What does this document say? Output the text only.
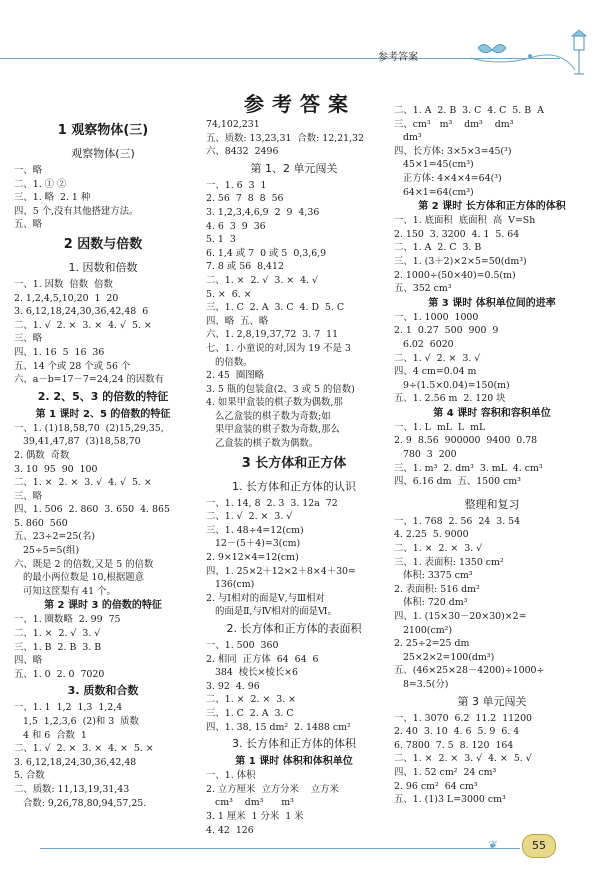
参考答案
参考答案
1 观察物体(三)
观察物体(三)
一、略
二、1. ① ②
三、1. 略  2. 1 种
四、5 个,没有其他搭建方法。
五、略
2 因数与倍数
1. 因数和倍数
一、1. 因数  倍数  倍数
2. 1,2,4,5,10,20  1  20
3. 6,12,18,24,30,36,42,48  6
二、1. √  2. ×  3. ×  4. √  5. ×
三、略
四、1. 16  5  16  36
五、14 个或 28 个或 56 个
六、a－b=17－7=24,24 的因数有
2. 2、5、3 的倍数的特征
第 1 课时 2、5 的倍数的特征
一、1. (1)18,58,70  (2)15,29,35,
39,41,47,87  (3)18,58,70
2. 偶数  奇数
3. 10  95  90  100
二、1. ×  2. ×  3. √  4. √  5. ×
三、略
四、1. 506  2. 860  3. 650  4. 865
5. 860  560
五、23÷2=25(名)
25÷5=5(组)
六、既是 2 的倍数,又是 5 的倍数
的最小两位数是 10,根据题意
可知这筐梨有 41 个。
第 2 课时 3 的倍数的特征
一、1. 圈数略  2. 99  75
二、1. ×  2. √  3. √
三、1. B  2. B  3. B
四、略
五、1. 0  2. 0  7020
3. 质数和合数
一、1. 1  1,2  1,3  1,2,4
1,5  1,2,3,6  (2)和 3  质数
4 和 6  合数  1
二、1. √  2. ×  3. ×  4. ×  5. ×
3. 6,12,18,24,30,36,42,48
5. 合数
二、质数: 11,13,19,31,43
合数: 9,26,78,80,94,57,25.
74,102,231
五、质数: 13,23,31  合数: 12,21,32
六、8432  2496
第 1、2 单元闯关
一、1. 6  3  1
2. 56  7  8  8  56
3. 1,2,3,4,6,9  2  9  4,36
4. 6  3  9  36
5. 1  3
6. 1,4 或 7  0 或 5  0,3,6,9
7. 8 或 56  8,412
二、1. ×  2. √  3. ×  4. √
5. ×  6. ×
三、1. C  2. A  3. C  4. D  5. C
四、略  五、略
六、1. 2,8,19,37,72  3. 7  11
七、1. 小童说的对,因为 19 不是 3
的倍数。
2. 45  圈图略
3. 5 瓶的包装盒(2、3 或 5 的倍数)
4. 如果甲盒装的棋子数为偶数,那
么乙盒装的棋子数为奇数;如
果甲盒装的棋子数为奇数,那么
乙盒装的棋子数为偶数。
3 长方体和正方体
1. 长方体和正方体的认识
一、1. 14, 8  2. 3  3. 12a  72
二、1. √  2. ×  3. √
三、1. 48÷4=12(cm)
12－(5＋4)=3(cm)
2. 9×12×4=12(cm)
四、1. 25×2＋12×2＋8×4＋30=
136(cm)
2. 与Ⅰ相对的面是Ⅴ,与Ⅲ相对
的面是Ⅱ,与Ⅳ相对的面是Ⅵ。
2. 长方体和正方体的表面积
一、1. 500  360
2. 相同  正方体  64  64  6
384  棱长×棱长×6
3. 92  4. 96
二、1. ×  2. ×  3. ×
三、1. C  2. A  3. C
四、1. 38, 15 dm²  2. 1488 cm²
3. 长方体和正方体的体积
第 1 课时 体积和体积单位
一、1. 体积
2. 立方厘米  立方分米    立方米
cm³    dm³      m³
3. 1 厘米  1 分米  1 米
4. 42  126
二、1. A  2. B  3. C  4. C  5. B  A
三、cm³   m³    dm³    dm³
dm³
四、长方体: 3×5×3=45(³)
45×1=45(cm³)
正方体: 4×4×4=64(³)
64×1=64(cm³)
第 2 课时 长方体和正方体的体积
一、1. 底面积  底面积  高  V=Sh
2. 150  3. 3200  4. 1  5. 64
二、1. A  2. C  3. B
三、1. (3＋2)×2×5=50(dm³)
2. 1000÷(50×40)=0.5(m)
五、352 cm³
第 3 课时 体积单位间的进率
一、1. 1000  1000
2. 1  0.27  500  900  9
6.02  6020
二、1. √  2. ×  3. √
四、4 cm=0.04 m
9÷(1.5×0.04)=150(m)
五、1. 2.56 m  2. 120 块
第 4 课时 容积和容积单位
一、1. L  mL  L  mL
2. 9  8.56  900000  9400  0.78
780  3  200
三、1. m³  2. dm³  3. mL  4. cm³
四、6.16 dm  五、1500 cm³
整理和复习
一、1. 768  2. 56  24  3. 54
4. 2.25  5. 9000
二、1. ×  2. ×  3. √
三、1. 表面积: 1350 cm²
体积: 3375 cm³
2. 表面积: 516 dm²
体积: 720 dm³
四、1. (15×30－20×30)×2=
2100(cm²)
2. 25÷2=25 dm
25×2×2=100(dm³)
五、(46×25×28－4200)÷1000÷
8=3.5(分)
第 3 单元闯关
一、1. 3070  6.2  11.2  11200
2. 40  3. 10  4. 6  5. 9  6. 4
6. 7800  7. 5  8. 120  164
二、1. ×  2. ×  3. √  4. ×  5. √
四、1. 52 cm²  24 cm³
2. 96 cm²  64 cm³
五、1. (1)3 L=3000 cm³
❦	55
